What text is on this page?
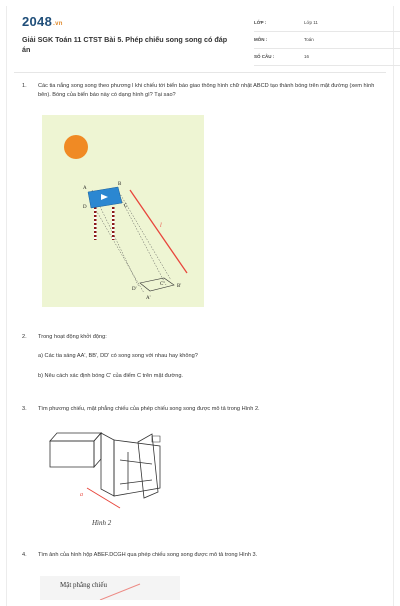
2048.vn
Giải SGK Toán 11 CTST Bài 5. Phép chiếu song song có đáp án
LỚP :	Lớp 11
MÔN :	Toán
SỐ CÂU :	16
1. Các tia nắng song song theo phương l khi chiếu tới biển báo giao thông hình chữ nhật ABCD tạo thành bóng trên mặt đường (xem hình bên). Bóng của biển báo này có dạng hình gì? Tại sao?
A
B
C
D
l
A'
B'
C'
D'
2. Trong hoạt động khởi động:
a) Các tia sáng AA', BB', DD' có song song với nhau hay không?
b) Nêu cách xác định bóng C' của điểm C trên mặt đường.
3. Tìm phương chiếu, mặt phẳng chiếu của phép chiếu song song được mô tả trong Hình 2.
a
Hình 2
4. Tìm ảnh của hình hộp ABEF.DCGH qua phép chiếu song song được mô tả trong Hình 3.
Mặt phẳng chiếu
